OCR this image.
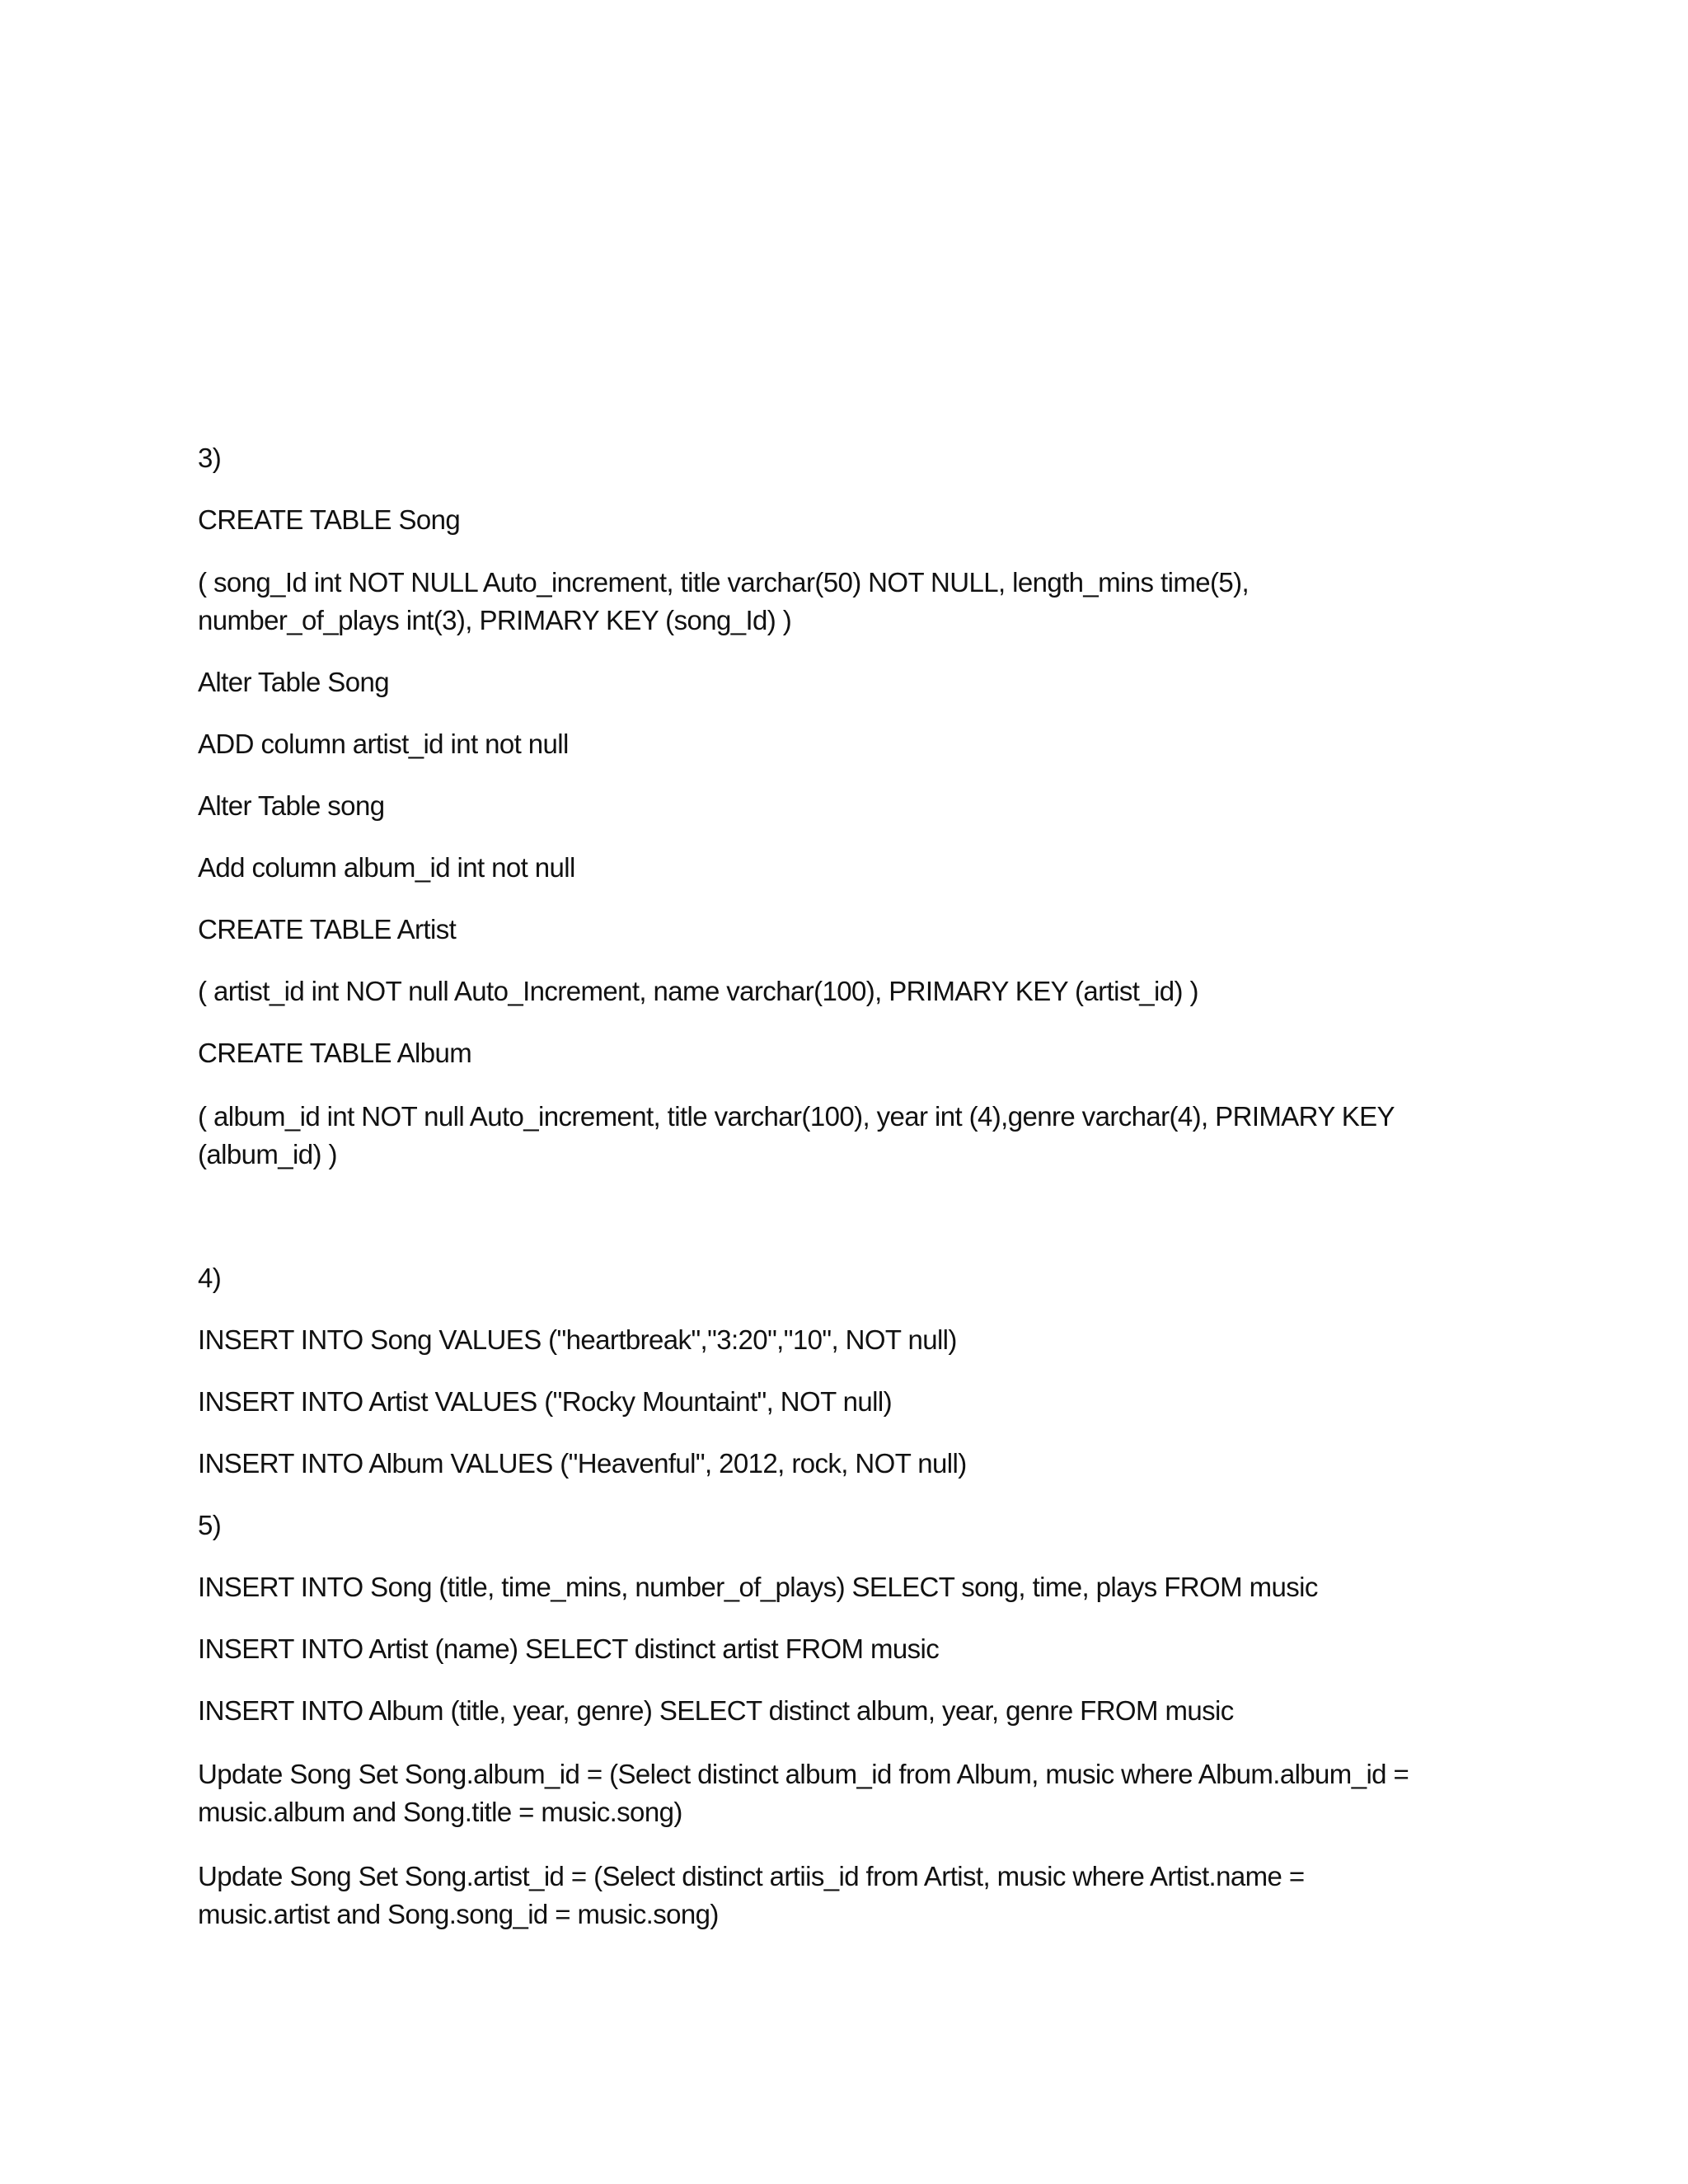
3)

CREATE TABLE Song

( song_Id int NOT NULL Auto_increment, title varchar(50) NOT NULL, length_mins time(5),

number_of_plays int(3), PRIMARY KEY (song_Id) )

Alter Table Song

ADD column artist_id int not null

Alter Table song

Add column album_id int not null

CREATE TABLE Artist

( artist_id int NOT null Auto_Increment, name varchar(100), PRIMARY KEY (artist_id) )

CREATE TABLE Album

( album_id int NOT null Auto_increment, title varchar(100), year int (4),genre varchar(4), PRIMARY KEY

(album_id) )

4)

INSERT INTO Song VALUES ("heartbreak","3:20","10", NOT null)

INSERT INTO Artist VALUES ("Rocky Mountaint", NOT null)

INSERT INTO Album VALUES ("Heavenful", 2012, rock, NOT null)

5)

INSERT INTO Song (title, time_mins, number_of_plays) SELECT song, time, plays FROM music

INSERT INTO Artist (name) SELECT distinct artist FROM music

INSERT INTO Album (title, year, genre) SELECT distinct album, year, genre FROM music

Update Song Set Song.album_id = (Select distinct album_id from Album, music where Album.album_id =

music.album and Song.title = music.song)

Update Song Set Song.artist_id = (Select distinct artiis_id from Artist, music where Artist.name =

music.artist and Song.song_id = music.song)
